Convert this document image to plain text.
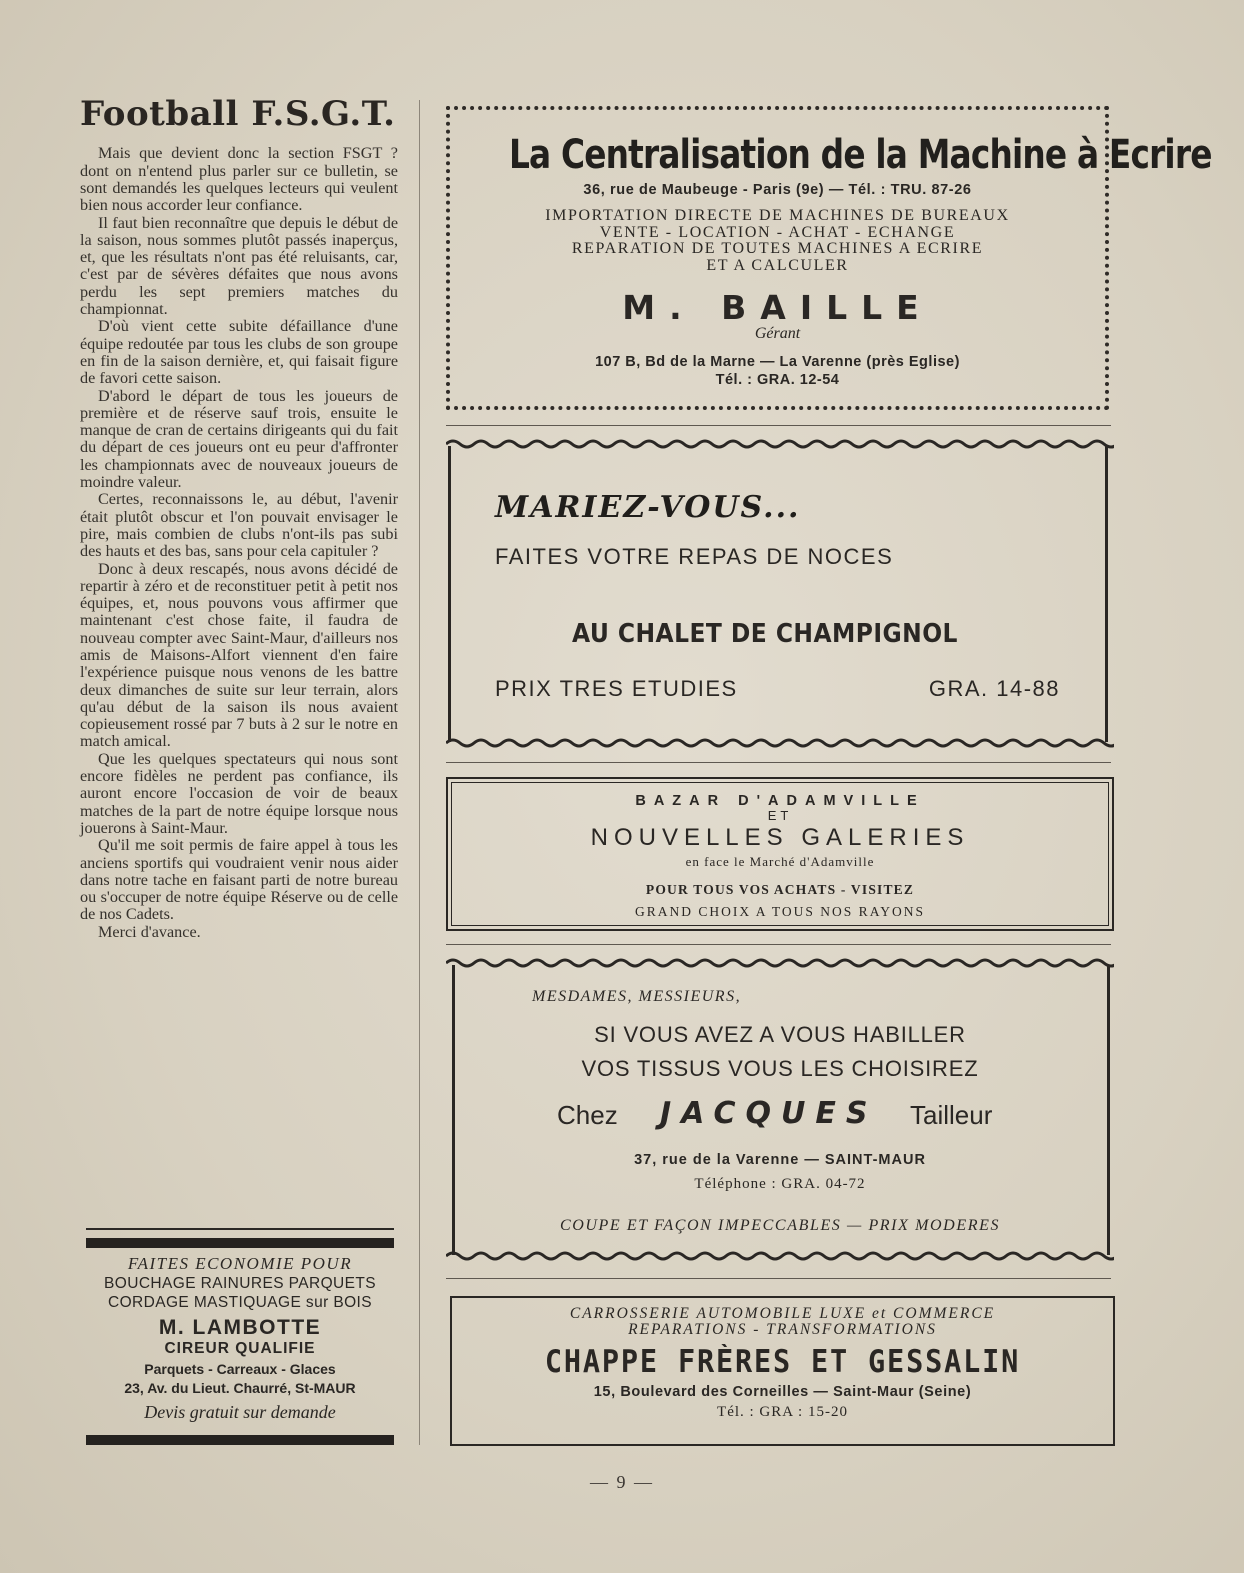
Football F.S.G.T.

Mais que devient donc la section FSGT ? dont on n'entend plus parler sur ce bulletin, se sont demandés les quelques lecteurs qui veulent bien nous accorder leur confiance.

Il faut bien reconnaître que depuis le début de la saison, nous sommes plutôt passés inaperçus, et, que les résultats n'ont pas été reluisants, car, c'est par de sévères défaites que nous avons perdu les sept premiers matches du championnat.

D'où vient cette subite défaillance d'une équipe redoutée par tous les clubs de son groupe en fin de la saison dernière, et, qui faisait figure de favori cette saison.

D'abord le départ de tous les joueurs de première et de réserve sauf trois, ensuite le manque de cran de certains dirigeants qui du fait du départ de ces joueurs ont eu peur d'affronter les championnats avec de nouveaux joueurs de moindre valeur.

Certes, reconnaissons le, au début, l'avenir était plutôt obscur et l'on pouvait envisager le pire, mais combien de clubs n'ont-ils pas subi des hauts et des bas, sans pour cela capituler ?

Donc à deux rescapés, nous avons décidé de repartir à zéro et de reconstituer petit à petit nos équipes, et, nous pouvons vous affirmer que maintenant c'est chose faite, il faudra de nouveau compter avec Saint-Maur, d'ailleurs nos amis de Maisons-Alfort viennent d'en faire l'expérience puisque nous venons de les battre deux dimanches de suite sur leur terrain, alors qu'au début de la saison ils nous avaient copieusement rossé par 7 buts à 2 sur le notre en match amical.

Que les quelques spectateurs qui nous sont encore fidèles ne perdent pas confiance, ils auront encore l'occasion de voir de beaux matches de la part de notre équipe lorsque nous jouerons à Saint-Maur.

Qu'il me soit permis de faire appel à tous les anciens sportifs qui voudraient venir nous aider dans notre tache en faisant parti de notre bureau ou s'occuper de notre équipe Réserve ou de celle de nos Cadets.

Merci d'avance.

FAITES ECONOMIE POUR
BOUCHAGE RAINURES PARQUETS
CORDAGE MASTIQUAGE sur BOIS
M. LAMBOTTE
CIREUR QUALIFIE
Parquets - Carreaux - Glaces
23, Av. du Lieut. Chaurré, St-MAUR
Devis gratuit sur demande
La Centralisation de la Machine à Ecrire
36, rue de Maubeuge - Paris (9e) — Tél. : TRU. 87-26
IMPORTATION DIRECTE DE MACHINES DE BUREAUX
VENTE - LOCATION - ACHAT - ECHANGE
REPARATION DE TOUTES MACHINES A ECRIRE
ET A CALCULER
M. BAILLE
Gérant
107 B, Bd de la Marne — La Varenne (près Eglise)
Tél. : GRA. 12-54
MARIEZ-VOUS...
FAITES VOTRE REPAS DE NOCES
AU CHALET DE CHAMPIGNOL
PRIX TRES ETUDIES	GRA. 14-88
BAZAR D'ADAMVILLE
ET
NOUVELLES GALERIES
en face le Marché d'Adamville
POUR TOUS VOS ACHATS - VISITEZ
GRAND CHOIX A TOUS NOS RAYONS
MESDAMES, MESSIEURS,
SI VOUS AVEZ A VOUS HABILLER
VOS TISSUS VOUS LES CHOISIREZ
Chez JACQUES Tailleur
37, rue de la Varenne — SAINT-MAUR
Téléphone : GRA. 04-72
COUPE ET FAÇON IMPECCABLES — PRIX MODERES
CARROSSERIE AUTOMOBILE LUXE et COMMERCE
REPARATIONS - TRANSFORMATIONS
CHAPPE FRÈRES ET GESSALIN
15, Boulevard des Corneilles — Saint-Maur (Seine)
Tél. : GRA : 15-20
— 9 —
